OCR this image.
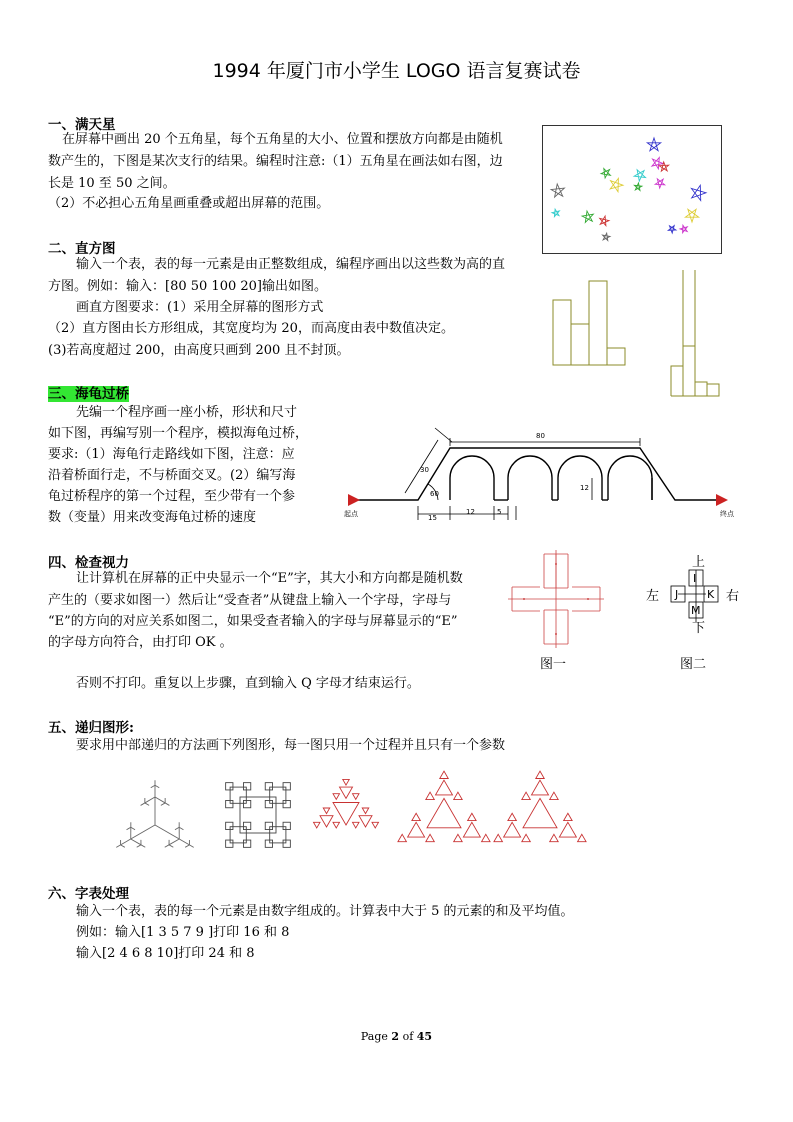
1994 年厦门市小学生 LOGO 语言复赛试卷
一、满天星
在屏幕中画出 20 个五角星，每个五角星的大小、位置和摆放方向都是由随机
数产生的，下图是某次支行的结果。编程时注意:（1）五角星在画法如右图，边
长是 10 至 50 之间。
（2）不必担心五角星画重叠或超出屏幕的范围。
二、直方图
输入一个表，表的每一元素是由正整数组成，编程序画出以这些数为高的直
方图。例如：输入：[80 50 100 20]输出如图。
画直方图要求：(1）采用全屏幕的图形方式
（2）直方图由长方形组成，其宽度均为 20，而高度由表中数值决定。
(3)若高度超过 200，由高度只画到 200 且不封顶。
三、海龟过桥
先编一个程序画一座小桥，形状和尺寸
如下图，再编写别一个程序，模拟海龟过桥，
要求:（1）海龟行走路线如下图，注意：应
沿着桥面行走，不与桥面交叉。(2）编写海
龟过桥程序的第一个过程，至少带有一个参
数（变量）用来改变海龟过桥的速度
80
30
60
12
15
12	5
起点	终点
四、检查视力
让计算机在屏幕的正中央显示一个“E”字，其大小和方向都是随机数
产生的（要求如图一）然后让“受查者”从键盘上输入一个字母，字母与
“E”的方向的对应关系如图二，如果受查者输入的字母与屏幕显示的“E”
的字母方向符合，由打印 OK 。
否则不打印。重复以上步骤，直到输入 Q 字母才结束运行。
上
下
左	右
I
J	K
M
图一	图二
五、递归图形:
要求用中部递归的方法画下列图形，每一图只用一个过程并且只有一个参数
六、字表处理
输入一个表，表的每一个元素是由数字组成的。计算表中大于 5 的元素的和及平均值。
例如：输入[1 3 5 7 9 ]打印 16 和 8
输入[2 4 6 8 10]打印 24 和 8
Page 2 of 45
